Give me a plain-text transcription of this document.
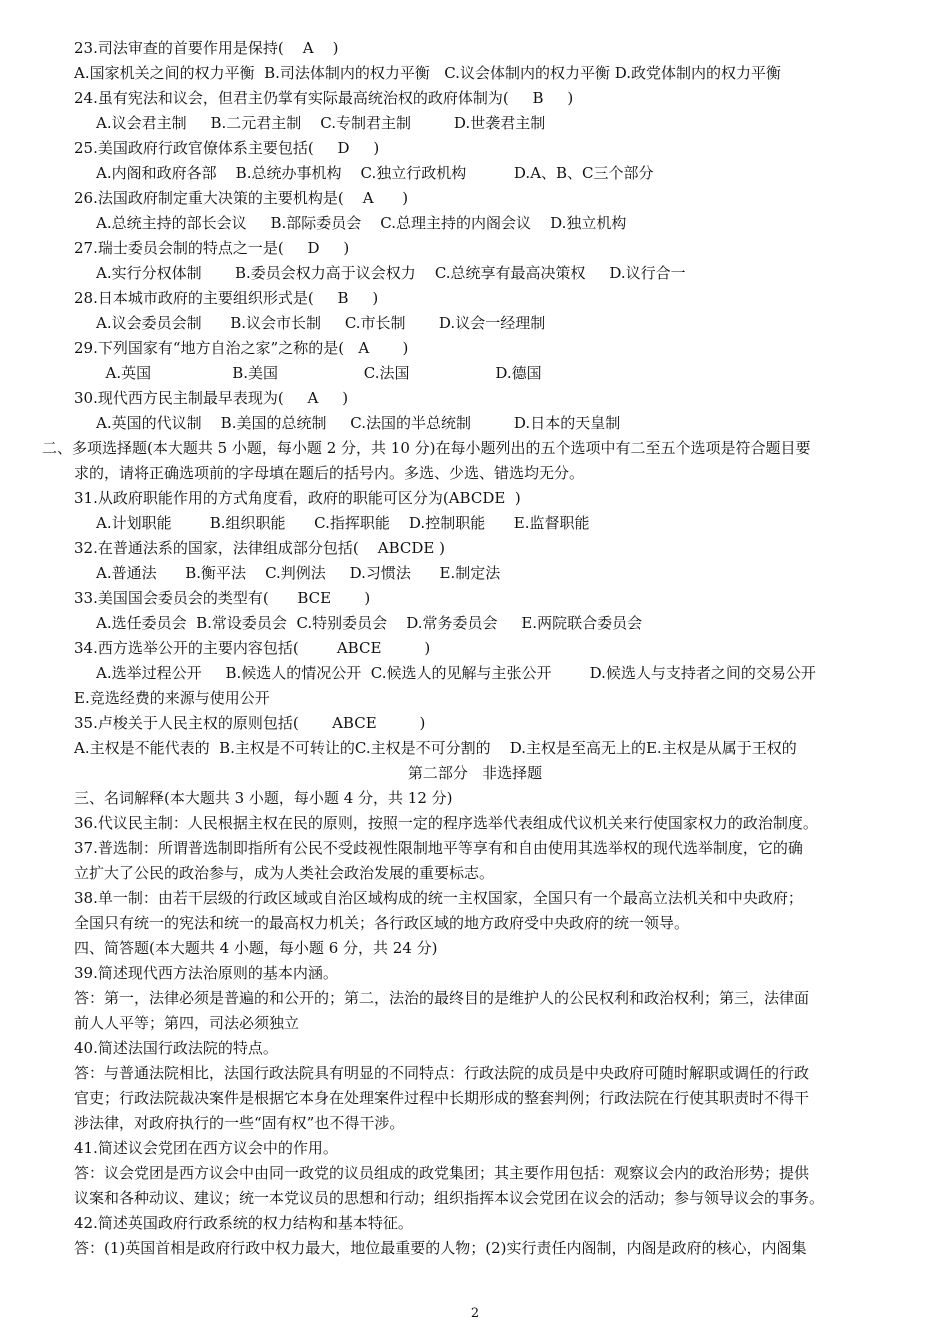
第二部分   非选择题
三、名词解释(本大题共 3 小题，每小题 4 分，共 12 分)
2
23.司法审查的首要作用是保持(    A    )
A.国家机关之间的权力平衡  B.司法体制内的权力平衡   C.议会体制内的权力平衡 D.政党体制内的权力平衡
24.虽有宪法和议会，但君主仍掌有实际最高统治权的政府体制为(     B     )
A.议会君主制     B.二元君主制    C.专制君主制         D.世袭君主制
25.美国政府行政官僚体系主要包括(     D     )
A.内阁和政府各部    B.总统办事机构    C.独立行政机构          D.A、B、C三个部分
26.法国政府制定重大决策的主要机构是(    A      )
A.总统主持的部长会议     B.部际委员会    C.总理主持的内阁会议    D.独立机构
27.瑞士委员会制的特点之一是(     D     )
A.实行分权体制       B.委员会权力高于议会权力    C.总统享有最高决策权     D.议行合一
28.日本城市政府的主要组织形式是(     B     )
A.议会委员会制      B.议会市长制     C.市长制       D.议会一经理制
29.下列国家有“地方自治之家”之称的是(   A       )
A.英国                 B.美国                  C.法国                  D.德国
30.现代西方民主制最早表现为(     A     )
A.英国的代议制    B.美国的总统制     C.法国的半总统制         D.日本的天皇制
二、多项选择题(本大题共 5 小题，每小题 2 分，共 10 分)在每小题列出的五个选项中有二至五个选项是符合题目要
求的，请将正确选项前的字母填在题后的括号内。多选、少选、错选均无分。
31.从政府职能作用的方式角度看，政府的职能可区分为(ABCDE  )
A.计划职能        B.组织职能      C.指挥职能    D.控制职能      E.监督职能
32.在普通法系的国家，法律组成部分包括(    ABCDE )
A.普通法      B.衡平法    C.判例法     D.习惯法      E.制定法
33.美国国会委员会的类型有(      BCE       )
A.选任委员会  B.常设委员会  C.特别委员会    D.常务委员会     E.两院联合委员会
34.西方选举公开的主要内容包括(        ABCE         )
A.选举过程公开     B.候选人的情况公开  C.候选人的见解与主张公开        D.候选人与支持者之间的交易公开
E.竞选经费的来源与使用公开
35.卢梭关于人民主权的原则包括(       ABCE         )
A.主权是不能代表的  B.主权是不可转让的C.主权是不可分割的    D.主权是至高无上的E.主权是从属于王权的
36.代议民主制：人民根据主权在民的原则，按照一定的程序选举代表组成代议机关来行使国家权力的政治制度。
37.普选制：所谓普选制即指所有公民不受歧视性限制地平等享有和自由使用其选举权的现代选举制度，它的确
立扩大了公民的政治参与，成为人类社会政治发展的重要标志。
38.单一制：由若干层级的行政区域或自治区域构成的统一主权国家，全国只有一个最高立法机关和中央政府；
全国只有统一的宪法和统一的最高权力机关；各行政区域的地方政府受中央政府的统一领导。
四、简答题(本大题共 4 小题，每小题 6 分，共 24 分)
39.简述现代西方法治原则的基本内涵。
答：第一，法律必须是普遍的和公开的；第二，法治的最终目的是维护人的公民权利和政治权利；第三，法律面
前人人平等；第四，司法必须独立
40.简述法国行政法院的特点。
答：与普通法院相比，法国行政法院具有明显的不同特点：行政法院的成员是中央政府可随时解职或调任的行政
官吏；行政法院裁决案件是根据它本身在处理案件过程中长期形成的整套判例；行政法院在行使其职责时不得干
涉法律，对政府执行的一些“固有权”也不得干涉。
41.简述议会党团在西方议会中的作用。
答：议会党团是西方议会中由同一政党的议员组成的政党集团；其主要作用包括：观察议会内的政治形势；提供
议案和各种动议、建议；统一本党议员的思想和行动；组织指挥本议会党团在议会的活动；参与领导议会的事务。
42.简述英国政府行政系统的权力结构和基本特征。
答：(1)英国首相是政府行政中权力最大，地位最重要的人物；(2)实行责任内阁制，内阁是政府的核心，内阁集
